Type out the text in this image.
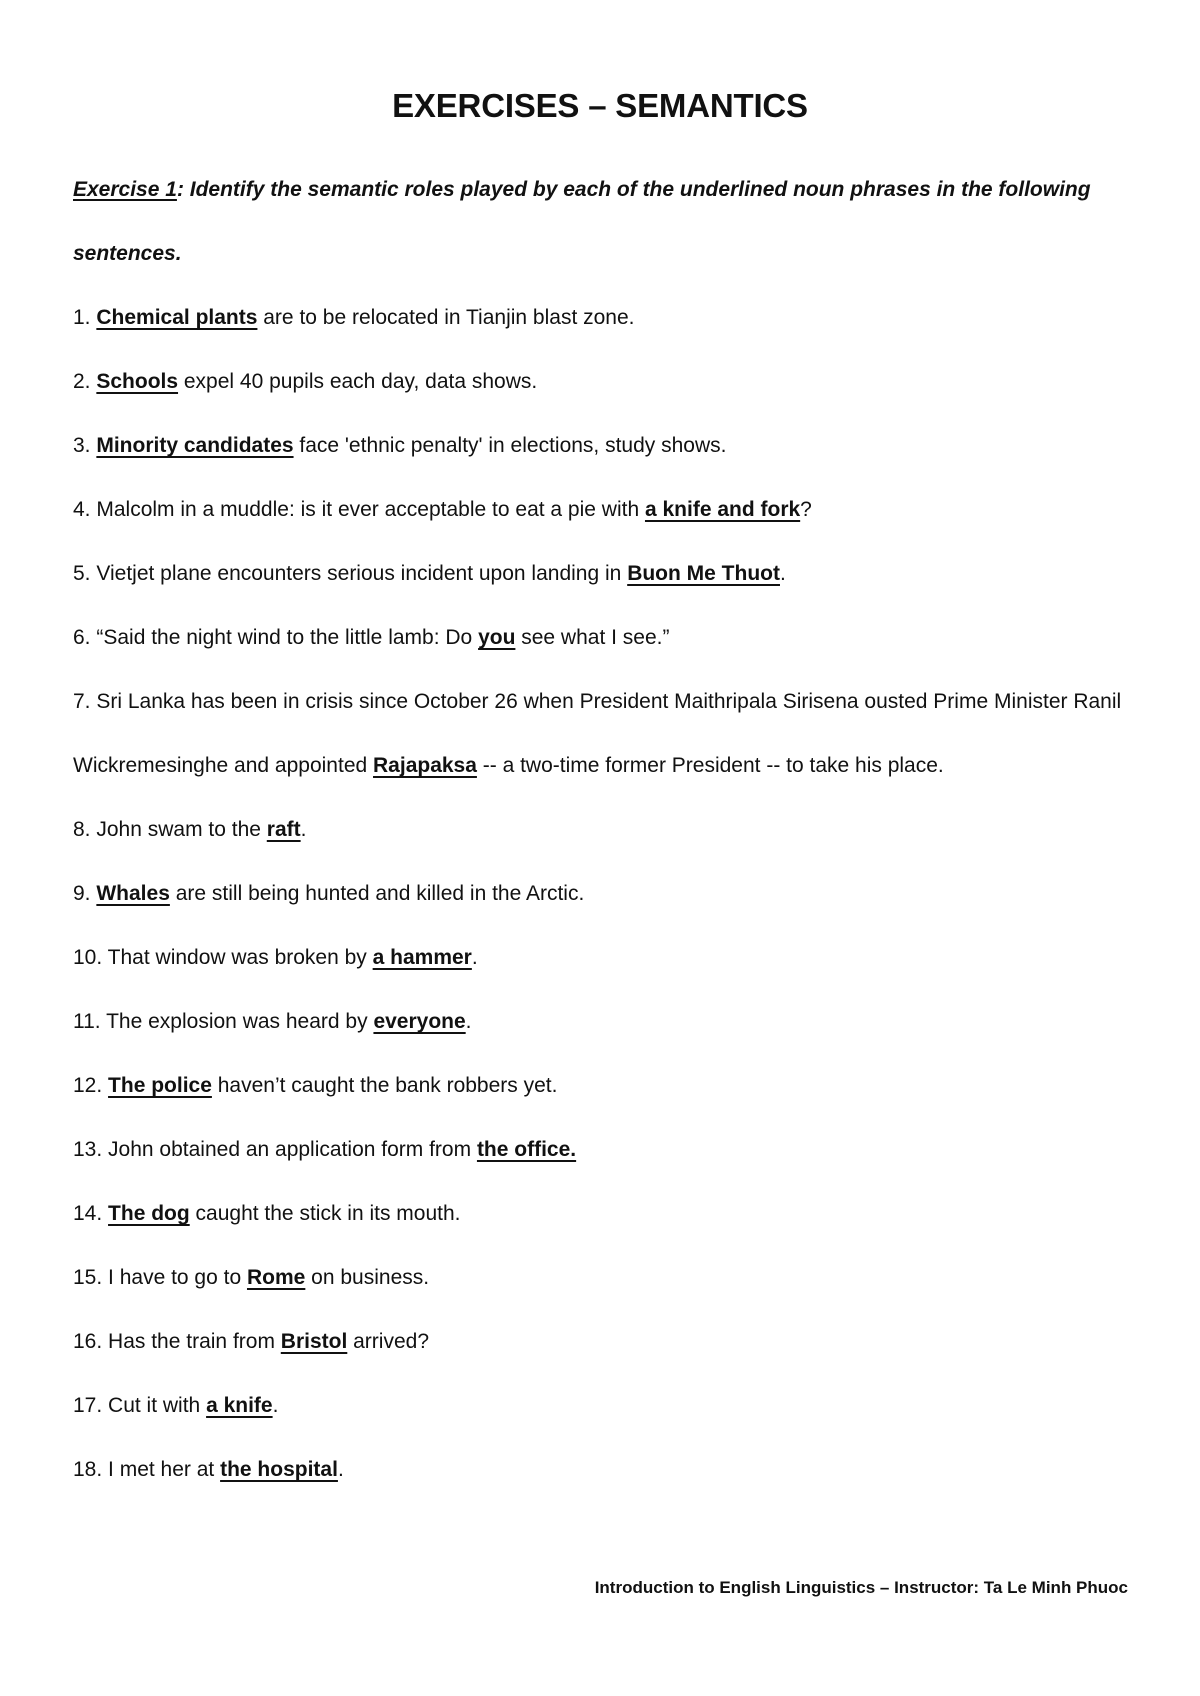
EXERCISES – SEMANTICS
Exercise 1: Identify the semantic roles played by each of the underlined noun phrases in the following sentences.
1. Chemical plants are to be relocated in Tianjin blast zone.
2. Schools expel 40 pupils each day, data shows.
3. Minority candidates face 'ethnic penalty' in elections, study shows.
4. Malcolm in a muddle: is it ever acceptable to eat a pie with a knife and fork?
5. Vietjet plane encounters serious incident upon landing in Buon Me Thuot.
6. “Said the night wind to the little lamb: Do you see what I see.”
7. Sri Lanka has been in crisis since October 26 when President Maithripala Sirisena ousted Prime Minister Ranil Wickremesinghe and appointed Rajapaksa -- a two-time former President -- to take his place.
8. John swam to the raft.
9. Whales are still being hunted and killed in the Arctic.
10. That window was broken by a hammer.
11. The explosion was heard by everyone.
12. The police haven’t caught the bank robbers yet.
13. John obtained an application form from the office.
14. The dog caught the stick in its mouth.
15. I have to go to Rome on business.
16. Has the train from Bristol arrived?
17. Cut it with a knife.
18. I met her at the hospital.
Introduction to English Linguistics – Instructor: Ta Le Minh Phuoc
